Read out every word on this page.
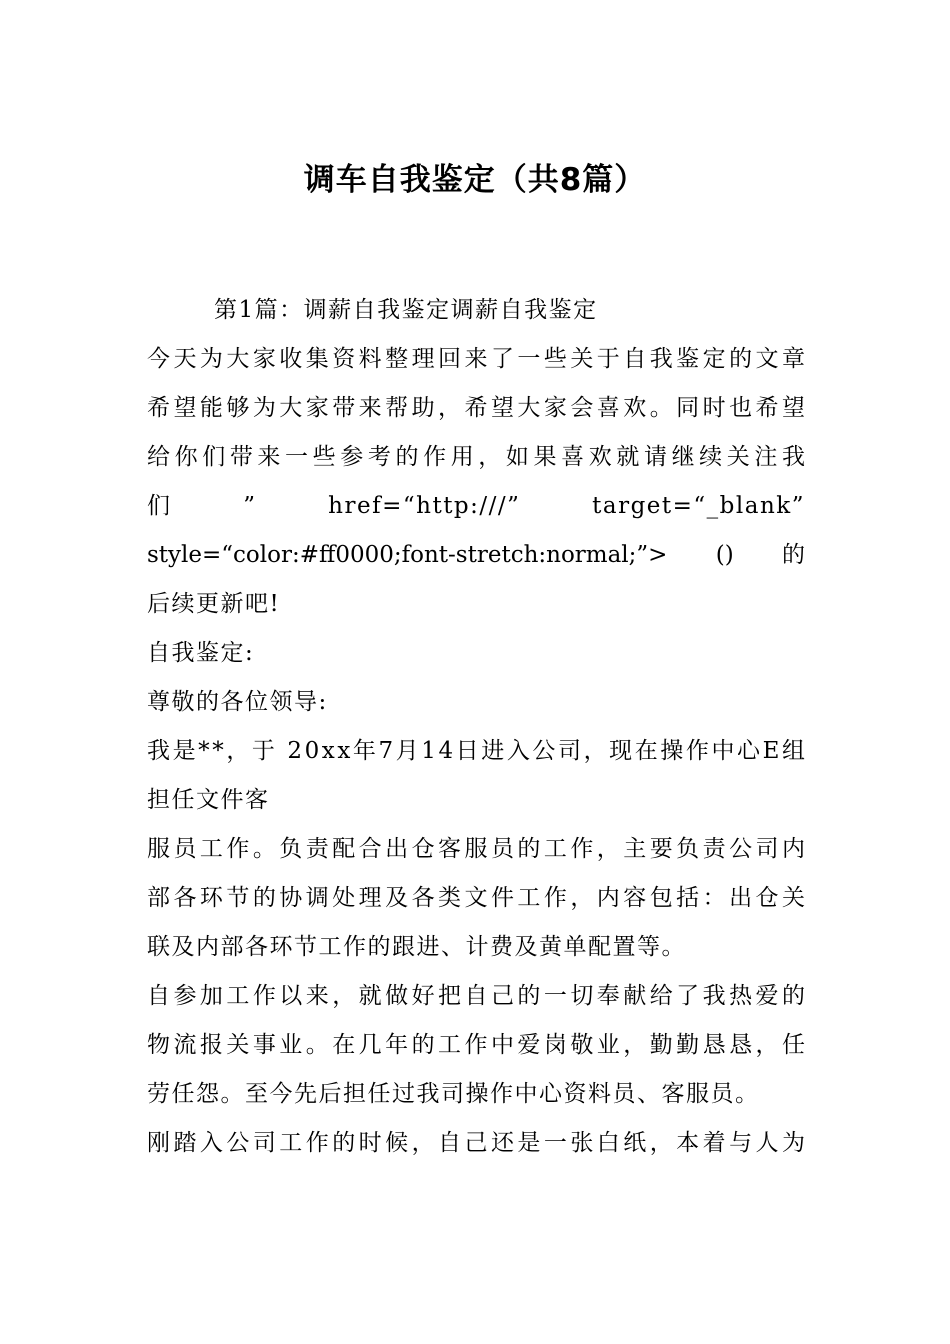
调车自我鉴定（共8篇）
第1篇：调薪自我鉴定调薪自我鉴定
今天为大家收集资料整理回来了一些关于自我鉴定的文章
希望能够为大家带来帮助，希望大家会喜欢。同时也希望
给你们带来一些参考的作用，如果喜欢就请继续关注我
们	”	href=“http:///”	target=“_blank”
style=“color:#ff0000;font-stretch:normal;”> () 的
后续更新吧!
自我鉴定:
尊敬的各位领导:
我是**，于 20xx年7月14日进入公司，现在操作中心E组
担任文件客
服员工作。负责配合出仓客服员的工作，主要负责公司内
部各环节的协调处理及各类文件工作，内容包括：出仓关
联及内部各环节工作的跟进、计费及黄单配置等。
自参加工作以来，就做好把自己的一切奉献给了我热爱的
物流报关事业。在几年的工作中爱岗敬业，勤勤恳恳，任
劳任怨。至今先后担任过我司操作中心资料员、客服员。
刚踏入公司工作的时候，自己还是一张白纸，本着与人为
